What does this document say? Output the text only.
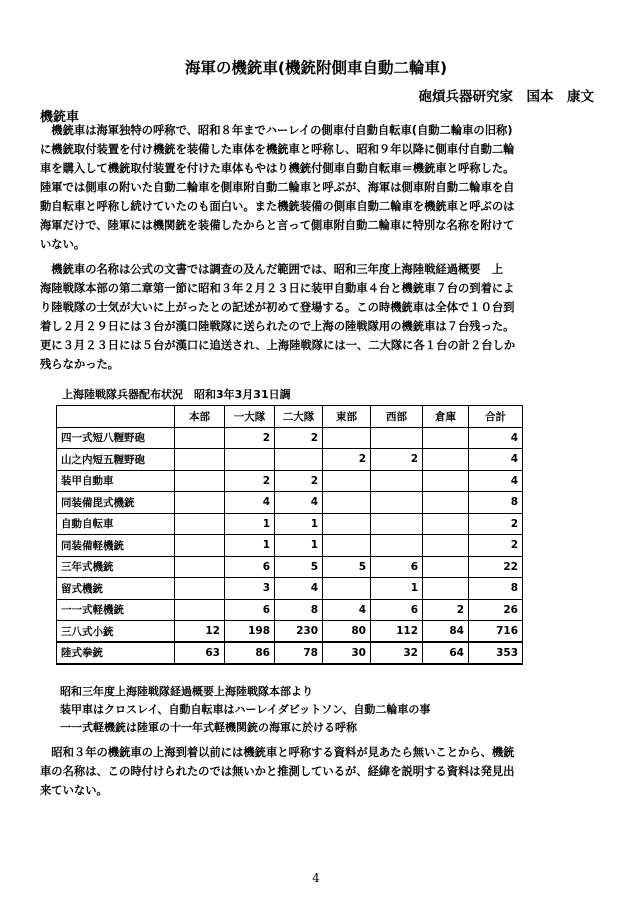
海軍の機銃車(機銃附側車自動二輪車)
砲熕兵器研究家　国本　康文
機銃車
　機銃車は海軍独特の呼称で、昭和８年までハーレイの側車付自動自転車(自動二輪車の旧称)
に機銃取付装置を付け機銃を装備した車体を機銃車と呼称し、昭和９年以降に側車付自動二輪
車を購入して機銃取付装置を付けた車体もやはり機銃付側車自動自転車＝機銃車と呼称した。
陸軍では側車の附いた自動二輪車を側車附自動二輪車と呼ぶが、海軍は側車附自動二輪車を自
動自転車と呼称し続けていたのも面白い。また機銃装備の側車自動二輪車を機銃車と呼ぶのは
海軍だけで、陸軍には機関銃を装備したからと言って側車附自動二輪車に特別な名称を附けて
いない。
　機銃車の名称は公式の文書では調査の及んだ範囲では、昭和三年度上海陸戦経過概要　上
海陸戦隊本部の第二章第一節に昭和３年２月２３日に装甲自動車４台と機銃車７台の到着によ
り陸戦隊の士気が大いに上がったとの記述が初めて登場する。この時機銃車は全体で１０台到
着し２月２９日には３台が漢口陸戦隊に送られたので上海の陸戦隊用の機銃車は７台残った。
更に３月２３日には５台が漢口に追送され、上海陸戦隊には一、二大隊に各１台の計２台しか
残らなかった。
上海陸戦隊兵器配布状況　昭和3年3月31日調
	本部	一大隊	二大隊	東部	西部	倉庫	合計
四一式短八糎野砲		2	2				4
山之内短五糎野砲				2	2		4
装甲自動車		2	2				4
同装備毘式機銃		4	4				8
自動自転車		1	1				2
同装備軽機銃		1	1				2
三年式機銃		6	5	5	6		22
留式機銃		3	4		1		8
一一式軽機銃		6	8	4	6	2	26
三八式小銃	12	198	230	80	112	84	716
陸式拳銃	63	86	78	30	32	64	353
昭和三年度上海陸戦隊経過概要上海陸戦隊本部より
装甲車はクロスレイ、自動自転車はハーレイダビットソン、自動二輪車の事
一一式軽機銃は陸軍の十一年式軽機関銃の海軍に於ける呼称
　昭和３年の機銃車の上海到着以前には機銃車と呼称する資料が見あたら無いことから、機銃
車の名称は、この時付けられたのでは無いかと推測しているが、経緯を説明する資料は発見出
来ていない。
4
